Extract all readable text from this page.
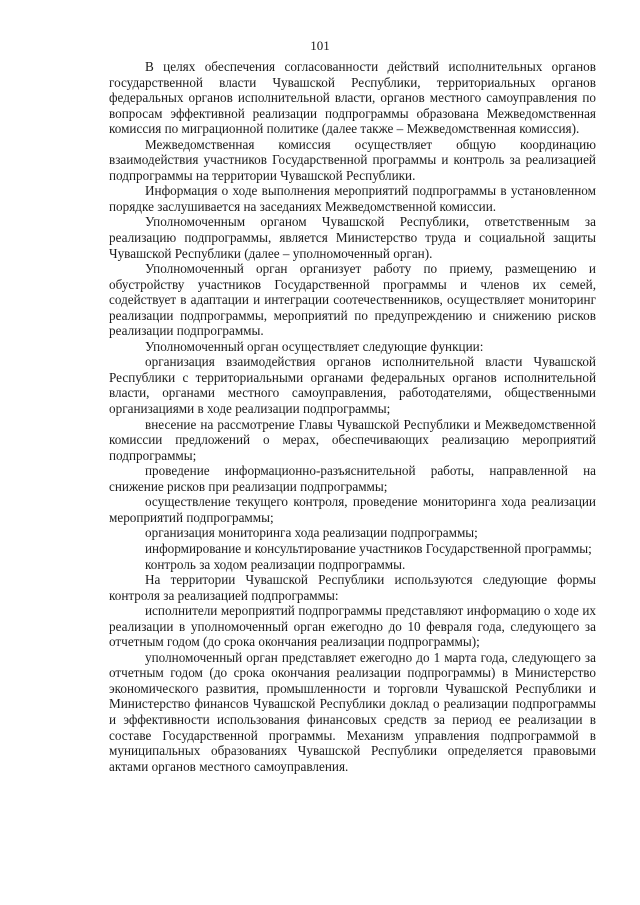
101

В целях обеспечения согласованности действий исполнительных органов государственной власти Чувашской Республики, территориальных органов федеральных органов исполнительной власти, органов местного самоуправления по вопросам эффективной реализации подпрограммы образована Межведомственная комиссия по миграционной политике (далее также – Межведомственная комиссия).

Межведомственная комиссия осуществляет общую координацию взаимодействия участников Государственной программы и контроль за реализацией подпрограммы на территории Чувашской Республики.

Информация о ходе выполнения мероприятий подпрограммы в установленном порядке заслушивается на заседаниях Межведомственной комиссии.

Уполномоченным органом Чувашской Республики, ответственным за реализацию подпрограммы, является Министерство труда и социальной защиты Чувашской Республики (далее – уполномоченный орган).

Уполномоченный орган организует работу по приему, размещению и обустройству участников Государственной программы и членов их семей, содействует в адаптации и интеграции соотечественников, осуществляет мониторинг реализации подпрограммы, мероприятий по предупреждению и снижению рисков реализации подпрограммы.

Уполномоченный орган осуществляет следующие функции:

организация взаимодействия органов исполнительной власти Чувашской Республики с территориальными органами федеральных органов исполнительной власти, органами местного самоуправления, работодателями, общественными организациями в ходе реализации подпрограммы;

внесение на рассмотрение Главы Чувашской Республики и Межведомственной комиссии предложений о мерах, обеспечивающих реализацию мероприятий подпрограммы;

проведение информационно-разъяснительной работы, направленной на снижение рисков при реализации подпрограммы;

осуществление текущего контроля, проведение мониторинга хода реализации мероприятий подпрограммы;

организация мониторинга хода реализации подпрограммы;

информирование и консультирование участников Государственной программы;

контроль за ходом реализации подпрограммы.

На территории Чувашской Республики используются следующие формы контроля за реализацией подпрограммы:

исполнители мероприятий подпрограммы представляют информацию о ходе их реализации в уполномоченный орган ежегодно до 10 февраля года, следующего за отчетным годом (до срока окончания реализации подпрограммы);

уполномоченный орган представляет ежегодно до 1 марта года, следующего за отчетным годом (до срока окончания реализации подпрограммы) в Министерство экономического развития, промышленности и торговли Чувашской Республики и Министерство финансов Чувашской Республики доклад о реализации подпрограммы и эффективности использования финансовых средств за период ее реализации в составе Государственной программы. Механизм управления подпрограммой в муниципальных образованиях Чувашской Республики определяется правовыми актами органов местного самоуправления.
